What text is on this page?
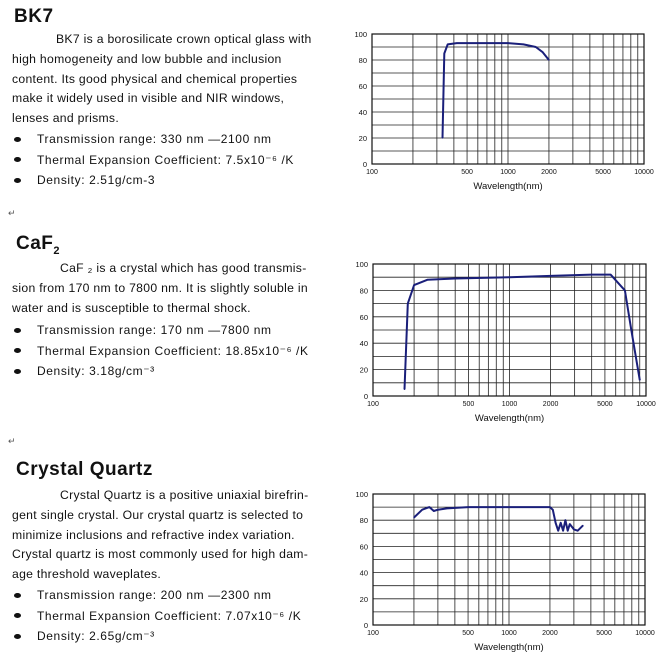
BK7
BK7 is a borosilicate crown optical glass with
high homogeneity and low bubble and inclusion
content. Its good physical and chemical properties
make it widely used in visible and NIR windows,
lenses and prisms.
Transmission range: 330 nm —2100 nm
Thermal Expansion Coefficient: 7.5x10⁻⁶ /K
Density: 2.51g/cm-3
↵
0
20
40
60
80
100
100	500	1000	2000	5000	10000
Wavelength(nm)
CaF$_2$
CaF ₂ is a crystal which has good transmis-
sion from 170 nm to 7800 nm. It is slightly soluble in
water and is susceptible to thermal shock.
Transmission range: 170 nm —7800 nm
Thermal Expansion Coefficient: 18.85x10⁻⁶ /K
Density: 3.18g/cm⁻³
↵
0
20
40
60
80
100
100	500	1000	2000	5000	10000
Wavelength(nm)
Crystal Quartz
Crystal Quartz is a positive uniaxial birefrin-
gent single crystal. Our crystal quartz is selected to
minimize inclusions and refractive index variation.
Crystal quartz is most commonly used for high dam-
age threshold waveplates.
Transmission range: 200 nm —2300 nm
Thermal Expansion Coefficient: 7.07x10⁻⁶ /K
Density: 2.65g/cm⁻³
0
20
40
60
80
100
100	500	1000	2000	5000	10000
Wavelength(nm)
